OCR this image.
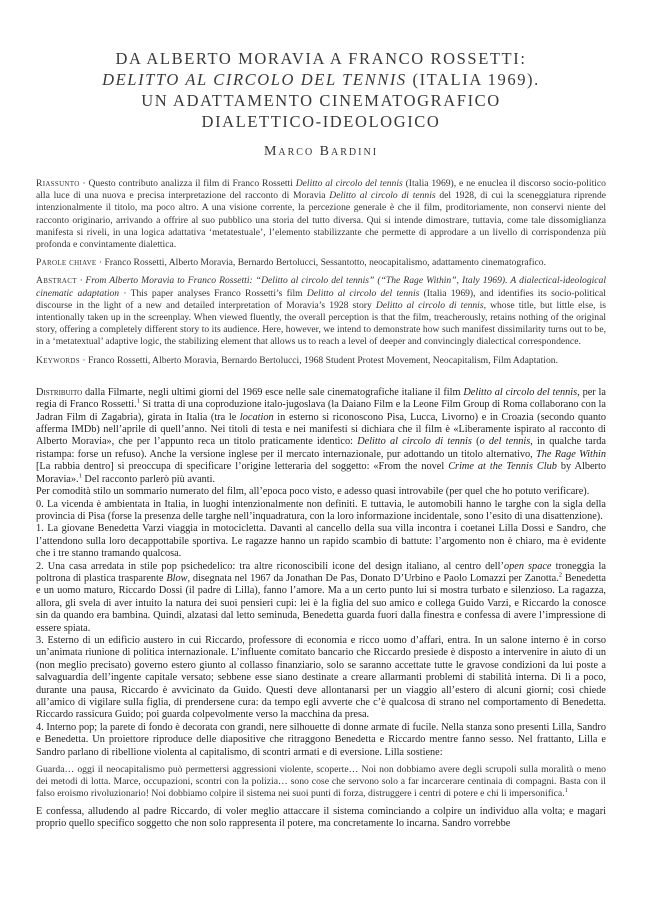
DA ALBERTO MORAVIA A FRANCO ROSSETTI:

DELITTO AL CIRCOLO DEL TENNIS (ITALIA 1969).

UN ADATTAMENTO CINEMATOGRAFICO

DIALETTICO-IDEOLOGICO

Marco Bardini

Riassunto · Questo contributo analizza il film di Franco Rossetti Delitto al circolo del tennis (Italia 1969), e ne enuclea il discorso socio-politico alla luce di una nuova e precisa interpretazione del racconto di Moravia Delitto al circolo di tennis del 1928, di cui la sceneggiatura riprende intenzionalmente il titolo, ma poco altro. A una visione corrente, la percezione generale è che il film, proditoriamente, non conservi niente del racconto originario, arrivando a offrire al suo pubblico una storia del tutto diversa. Qui si intende dimostrare, tuttavia, come tale dissomiglianza manifesta si riveli, in una logica adattativa ‘metatestuale’, l’elemento stabilizzante che permette di approdare a un livello di corrispondenza più profonda e convintamente dialettica.

Parole chiave · Franco Rossetti, Alberto Moravia, Bernardo Bertolucci, Sessantotto, neocapitalismo, adattamento cinematografico.

Abstract · From Alberto Moravia to Franco Rossetti: “Delitto al circolo del tennis” (“The Rage Within”, Italy 1969). A dialectical-ideological cinematic adaptation · This paper analyses Franco Rossetti’s film Delitto al circolo del tennis (Italia 1969), and identifies its socio-political discourse in the light of a new and detailed interpretation of Moravia’s 1928 story Delitto al circolo di tennis, whose title, but little else, is intentionally taken up in the screenplay. When viewed fluently, the overall perception is that the film, treacherously, retains nothing of the original story, offering a completely different story to its audience. Here, however, we intend to demonstrate how such manifest dissimilarity turns out to be, in a ‘metatextual’ adaptive logic, the stabilizing element that allows us to reach a level of deeper and convincingly dialectical correspondence.

Keywords · Franco Rossetti, Alberto Moravia, Bernardo Bertolucci, 1968 Student Protest Movement, Neocapitalism, Film Adaptation.

Distribuito dalla Filmarte, negli ultimi giorni del 1969 esce nelle sale cinematografiche italiane il film Delitto al circolo del tennis, per la regia di Franco Rossetti.$^1$ Si tratta di una coproduzione italo-jugoslava (la Daiano Film e la Leone Film Group di Roma collaborano con la Jadran Film di Zagabria), girata in Italia (tra le location in esterno si riconoscono Pisa, Lucca, Livorno) e in Croazia (secondo quanto afferma IMDb) nell’aprile di quell’anno. Nei titoli di testa e nei manifesti si dichiara che il film è «Liberamente ispirato al racconto di Alberto Moravia», che per l’appunto reca un titolo praticamente identico: Delitto al circolo di tennis (o del tennis, in qualche tarda ristampa: forse un refuso). Anche la versione inglese per il mercato internazionale, pur adottando un titolo alternativo, The Rage Within [La rabbia dentro] si preoccupa di specificare l’origine letteraria del soggetto: «From the novel Crime at the Tennis Club by Alberto Moravia».$^1$ Del racconto parlerò più avanti.

Per comodità stilo un sommario numerato del film, all’epoca poco visto, e adesso quasi introvabile (per quel che ho potuto verificare).

0. La vicenda è ambientata in Italia, in luoghi intenzionalmente non definiti. E tuttavia, le automobili hanno le targhe con la sigla della provincia di Pisa (forse la presenza delle targhe nell’inquadratura, con la loro informazione incidentale, sono l’esito di una disattenzione).

1. La giovane Benedetta Varzi viaggia in motocicletta. Davanti al cancello della sua villa incontra i coetanei Lilla Dossi e Sandro, che l’attendono sulla loro decappottabile sportiva. Le ragazze hanno un rapido scambio di battute: l’argomento non è chiaro, ma è evidente che i tre stanno tramando qualcosa.

2. Una casa arredata in stile pop psichedelico: tra altre riconoscibili icone del design italiano, al centro dell’open space troneggia la poltrona di plastica trasparente Blow, disegnata nel 1967 da Jonathan De Pas, Donato D’Urbino e Paolo Lomazzi per Zanotta.$^2$ Benedetta e un uomo maturo, Riccardo Dossi (il padre di Lilla), fanno l’amore. Ma a un certo punto lui si mostra turbato e silenzioso. La ragazza, allora, gli svela di aver intuito la natura dei suoi pensieri cupi: lei è la figlia del suo amico e collega Guido Varzi, e Riccardo la conosce sin da quando era bambina. Quindi, alzatasi dal letto seminuda, Benedetta guarda fuori dalla finestra e confessa di avere l’impressione di essere spiata.

3. Esterno di un edificio austero in cui Riccardo, professore di economia e ricco uomo d’affari, entra. In un salone interno è in corso un’animata riunione di politica internazionale. L’influente comitato bancario che Riccardo presiede è disposto a intervenire in aiuto di un (non meglio precisato) governo estero giunto al collasso finanziario, solo se saranno accettate tutte le gravose condizioni da lui poste a salvaguardia dell’ingente capitale versato; sebbene esse siano destinate a creare allarmanti problemi di stabilità interna. Di lì a poco, durante una pausa, Riccardo è avvicinato da Guido. Questi deve allontanarsi per un viaggio all’estero di alcuni giorni; così chiede all’amico di vigilare sulla figlia, di prendersene cura: da tempo egli avverte che c’è qualcosa di strano nel comportamento di Benedetta. Riccardo rassicura Guido; poi guarda colpevolmente verso la macchina da presa.

4. Interno pop; la parete di fondo è decorata con grandi, nere silhouette di donne armate di fucile. Nella stanza sono presenti Lilla, Sandro e Benedetta. Un proiettore riproduce delle diapositive che ritraggono Benedetta e Riccardo mentre fanno sesso. Nel frattanto, Lilla e Sandro parlano di ribellione violenta al capitalismo, di scontri armati e di eversione. Lilla sostiene:

Guarda… oggi il neocapitalismo può permettersi aggressioni violente, scoperte… Noi non dobbiamo avere degli scrupoli sulla moralità o meno dei metodi di lotta. Marce, occupazioni, scontri con la polizia… sono cose che servono solo a far incarcerare centinaia di compagni. Basta con il falso eroismo rivoluzionario! Noi dobbiamo colpire il sistema nei suoi punti di forza, distruggere i centri di potere e chi li impersonifica.$^1$

E confessa, alludendo al padre Riccardo, di voler meglio attaccare il sistema cominciando a colpire un individuo alla volta; e magari proprio quello specifico soggetto che non solo rappresenta il potere, ma concretamente lo incarna. Sandro vorrebbe
